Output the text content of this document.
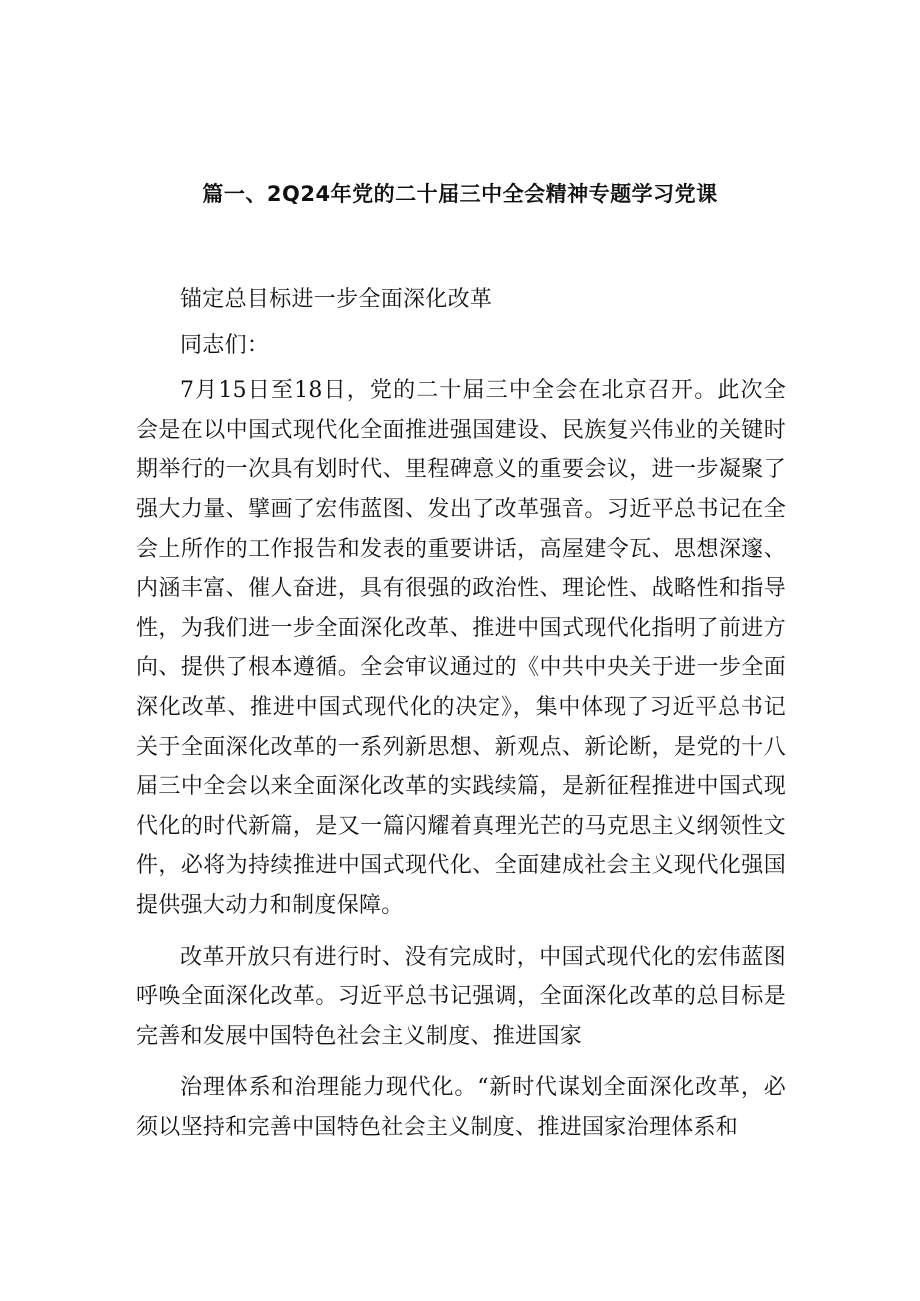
篇一、2Q24年党的二十届三中全会精神专题学习党课

锚定总目标进一步全面深化改革

同志们：

7月15日至18日，党的二十届三中全会在北京召开。此次全会是在以中国式现代化全面推进强国建设、民族复兴伟业的关键时期举行的一次具有划时代、里程碑意义的重要会议，进一步凝聚了强大力量、擘画了宏伟蓝图、发出了改革强音。习近平总书记在全会上所作的工作报告和发表的重要讲话，高屋建令瓦、思想深邃、内涵丰富、催人奋进，具有很强的政治性、理论性、战略性和指导性，为我们进一步全面深化改革、推进中国式现代化指明了前进方向、提供了根本遵循。全会审议通过的《中共中央关于进一步全面深化改革、推进中国式现代化的决定》，集中体现了习近平总书记关于全面深化改革的一系列新思想、新观点、新论断，是党的十八届三中全会以来全面深化改革的实践续篇，是新征程推进中国式现代化的时代新篇，是又一篇闪耀着真理光芒的马克思主义纲领性文件，必将为持续推进中国式现代化、全面建成社会主义现代化强国提供强大动力和制度保障。

改革开放只有进行时、没有完成时，中国式现代化的宏伟蓝图呼唤全面深化改革。习近平总书记强调，全面深化改革的总目标是完善和发展中国特色社会主义制度、推进国家

治理体系和治理能力现代化。“新时代谋划全面深化改革，必须以坚持和完善中国特色社会主义制度、推进国家治理体系和
